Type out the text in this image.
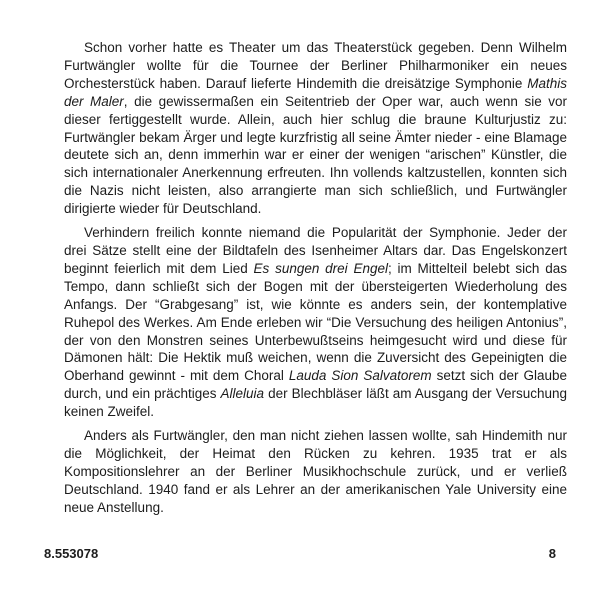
Schon vorher hatte es Theater um das Theaterstück gegeben. Denn Wilhelm Furtwängler wollte für die Tournee der Berliner Philharmoniker ein neues Orchesterstück haben. Darauf lieferte Hindemith die dreisätzige Symphonie Mathis der Maler, die gewissermaßen ein Seitentrieb der Oper war, auch wenn sie vor dieser fertiggestellt wurde. Allein, auch hier schlug die braune Kulturjustiz zu: Furtwängler bekam Ärger und legte kurzfristig all seine Ämter nieder - eine Blamage deutete sich an, denn immerhin war er einer der wenigen “arischen” Künstler, die sich internationaler Anerkennung erfreuten. Ihn vollends kaltzustellen, konnten sich die Nazis nicht leisten, also arrangierte man sich schließlich, und Furtwängler dirigierte wieder für Deutschland.

Verhindern freilich konnte niemand die Popularität der Symphonie. Jeder der drei Sätze stellt eine der Bildtafeln des Isenheimer Altars dar. Das Engelskonzert beginnt feierlich mit dem Lied Es sungen drei Engel; im Mittelteil belebt sich das Tempo, dann schließt sich der Bogen mit der übersteigerten Wiederholung des Anfangs. Der “Grabgesang” ist, wie könnte es anders sein, der kontemplative Ruhepol des Werkes. Am Ende erleben wir “Die Versuchung des heiligen Antonius”, der von den Monstren seines Unterbewußtseins heimgesucht wird und diese für Dämonen hält: Die Hektik muß weichen, wenn die Zuversicht des Gepeinigten die Oberhand gewinnt - mit dem Choral Lauda Sion Salvatorem setzt sich der Glaube durch, und ein prächtiges Alleluia der Blechbläser läßt am Ausgang der Versuchung keinen Zweifel.

Anders als Furtwängler, den man nicht ziehen lassen wollte, sah Hindemith nur die Möglichkeit, der Heimat den Rücken zu kehren. 1935 trat er als Kompositionslehrer an der Berliner Musikhochschule zurück, und er verließ Deutschland. 1940 fand er als Lehrer an der amerikanischen Yale University eine neue Anstellung.

8.553078	8
